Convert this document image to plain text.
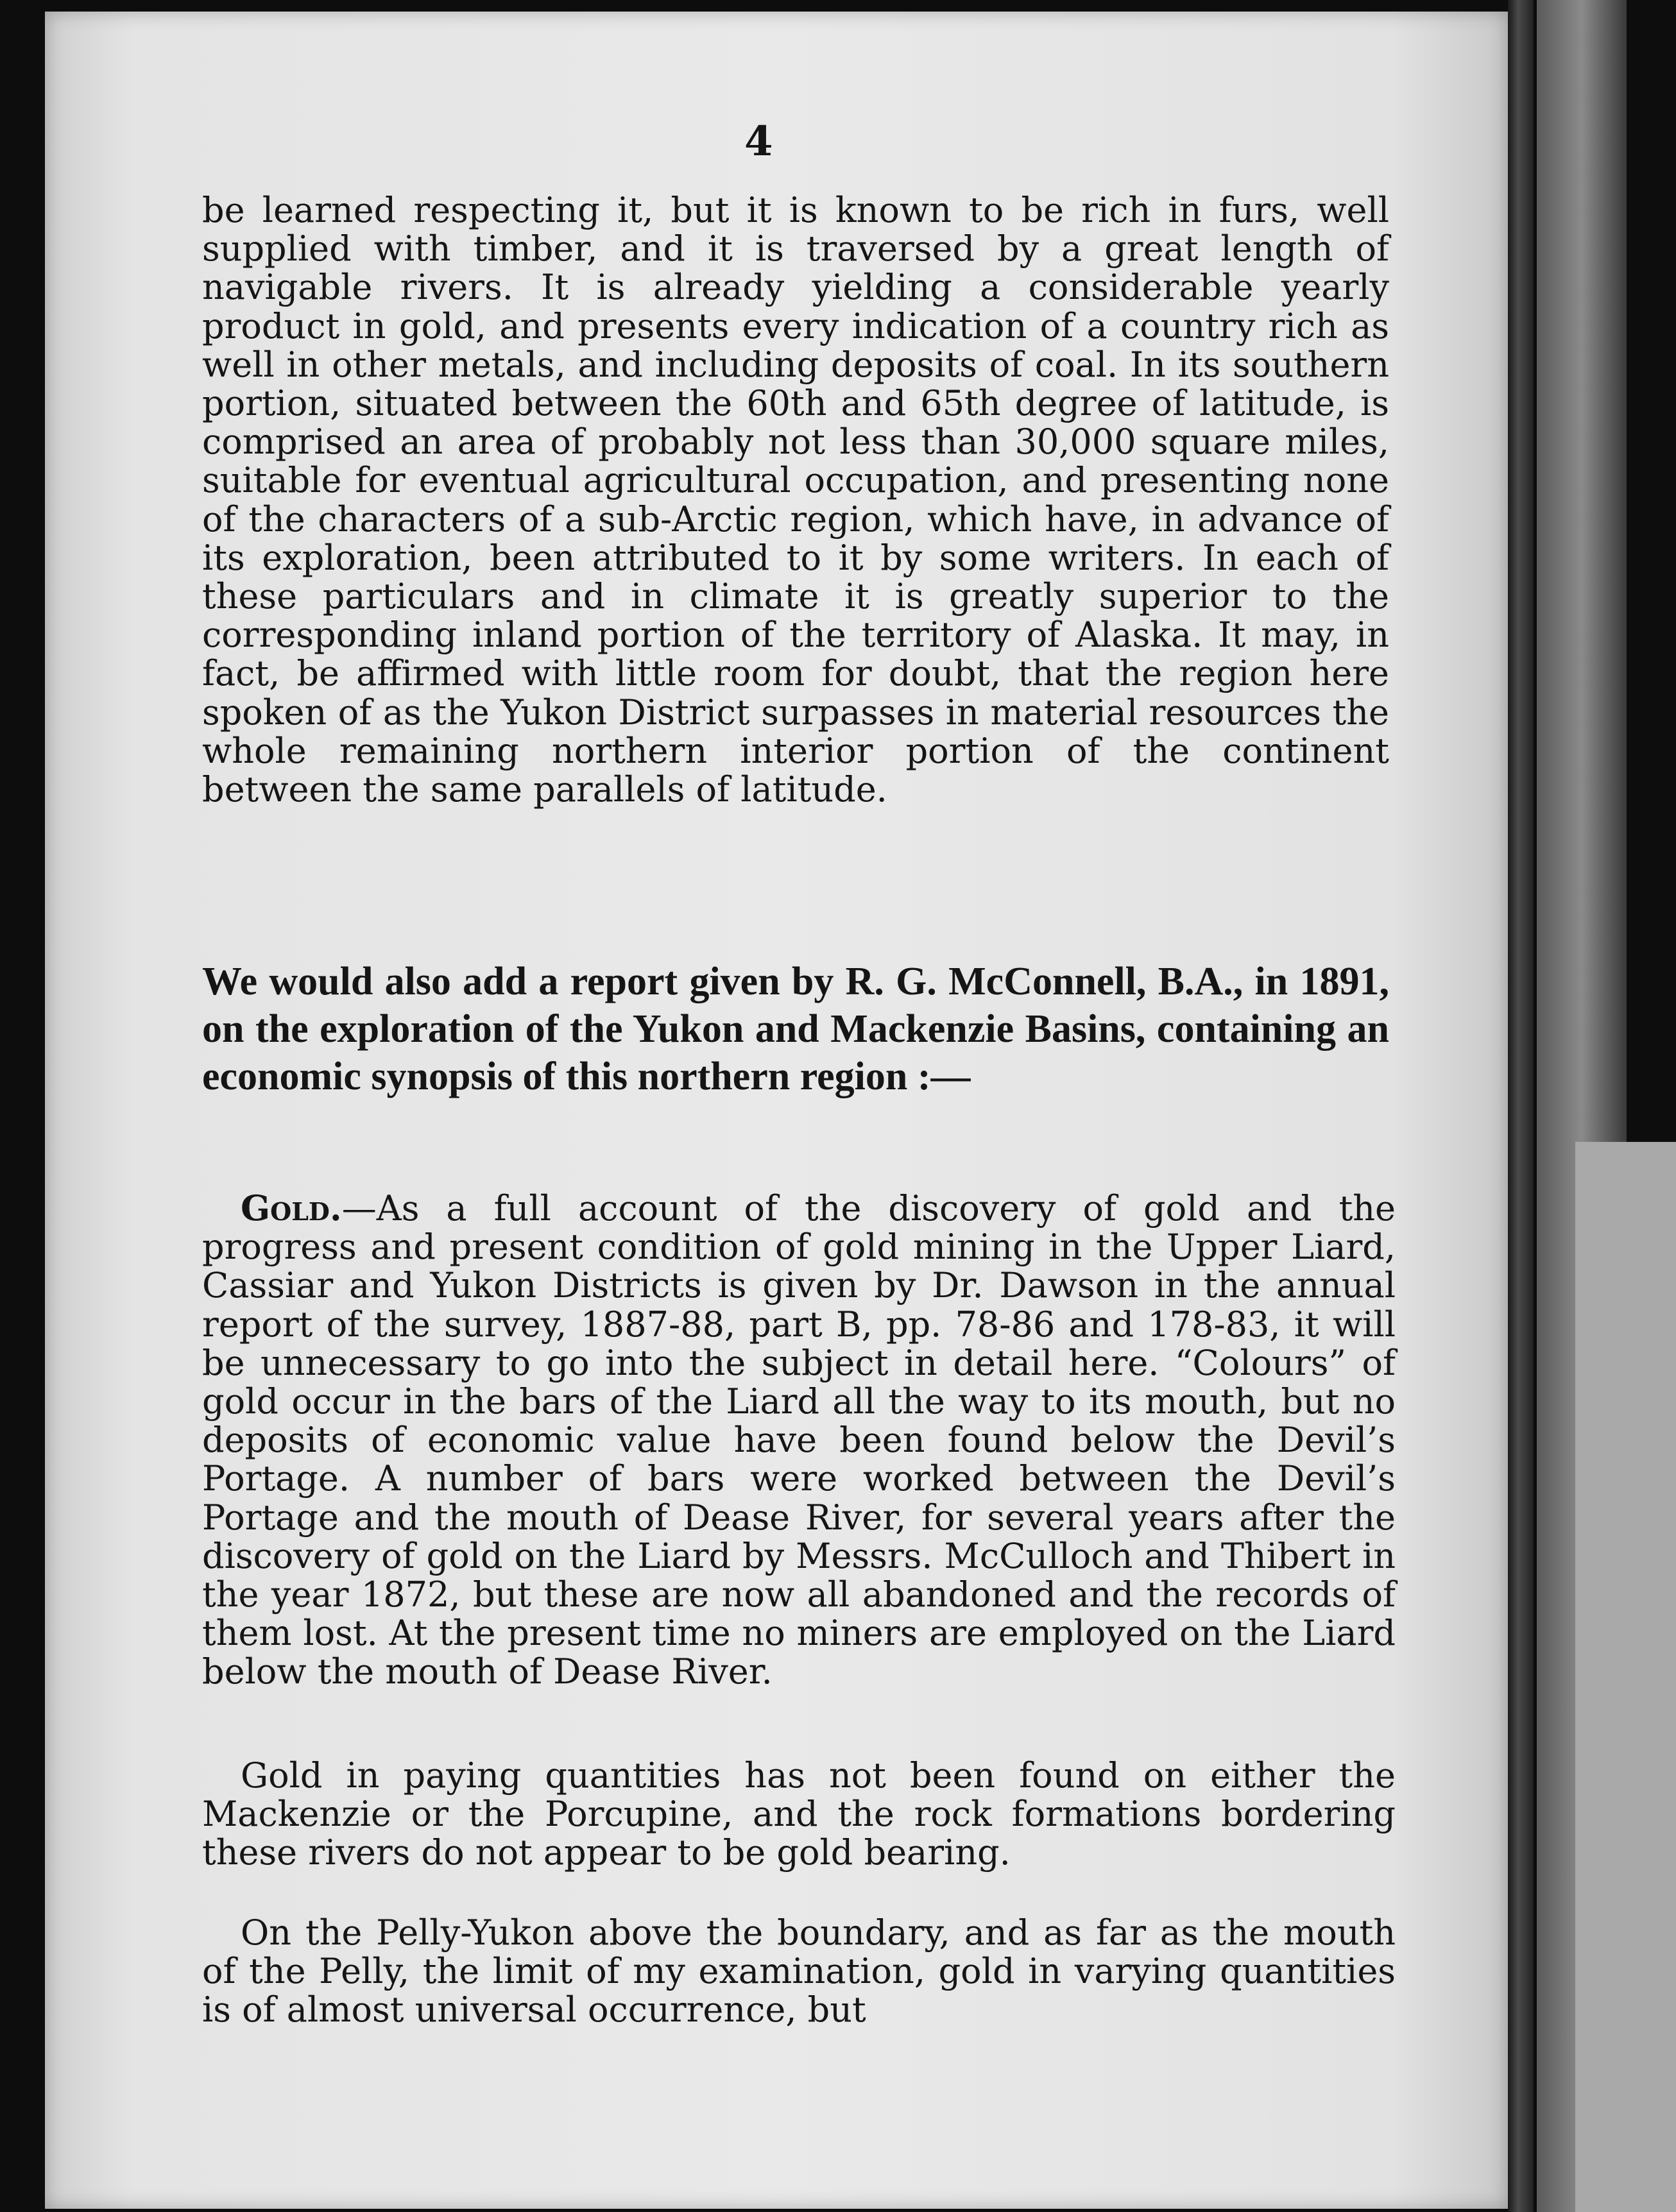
4

be learned respecting it, but it is known to be rich in furs, well supplied with timber, and it is traversed by a great length of navigable rivers. It is already yielding a considerable yearly product in gold, and presents every indication of a country rich as well in other metals, and including deposits of coal. In its southern portion, situated between the 60th and 65th degree of latitude, is comprised an area of probably not less than 30,000 square miles, suitable for eventual agricultural occupation, and presenting none of the characters of a sub-Arctic region, which have, in advance of its exploration, been attributed to it by some writers. In each of these particulars and in climate it is greatly superior to the corresponding inland portion of the territory of Alaska. It may, in fact, be affirmed with little room for doubt, that the region here spoken of as the Yukon District surpasses in material resources the whole remaining northern interior portion of the continent between the same parallels of latitude.

We would also add a report given by R. G. McConnell, B.A., in 1891, on the exploration of the Yukon and Mackenzie Basins, containing an economic synopsis of this northern region :—

Gold.—As a full account of the discovery of gold and the progress and present condition of gold mining in the Upper Liard, Cassiar and Yukon Districts is given by Dr. Dawson in the annual report of the survey, 1887-88, part B, pp. 78-86 and 178-83, it will be unnecessary to go into the subject in detail here. “Colours” of gold occur in the bars of the Liard all the way to its mouth, but no deposits of economic value have been found below the Devil’s Portage. A number of bars were worked between the Devil’s Portage and the mouth of Dease River, for several years after the discovery of gold on the Liard by Messrs. McCulloch and Thibert in the year 1872, but these are now all abandoned and the records of them lost. At the present time no miners are employed on the Liard below the mouth of Dease River.

Gold in paying quantities has not been found on either the Mackenzie or the Porcupine, and the rock formations bordering these rivers do not appear to be gold bearing.

On the Pelly-Yukon above the boundary, and as far as the mouth of the Pelly, the limit of my examination, gold in varying quantities is of almost universal occurrence, but
